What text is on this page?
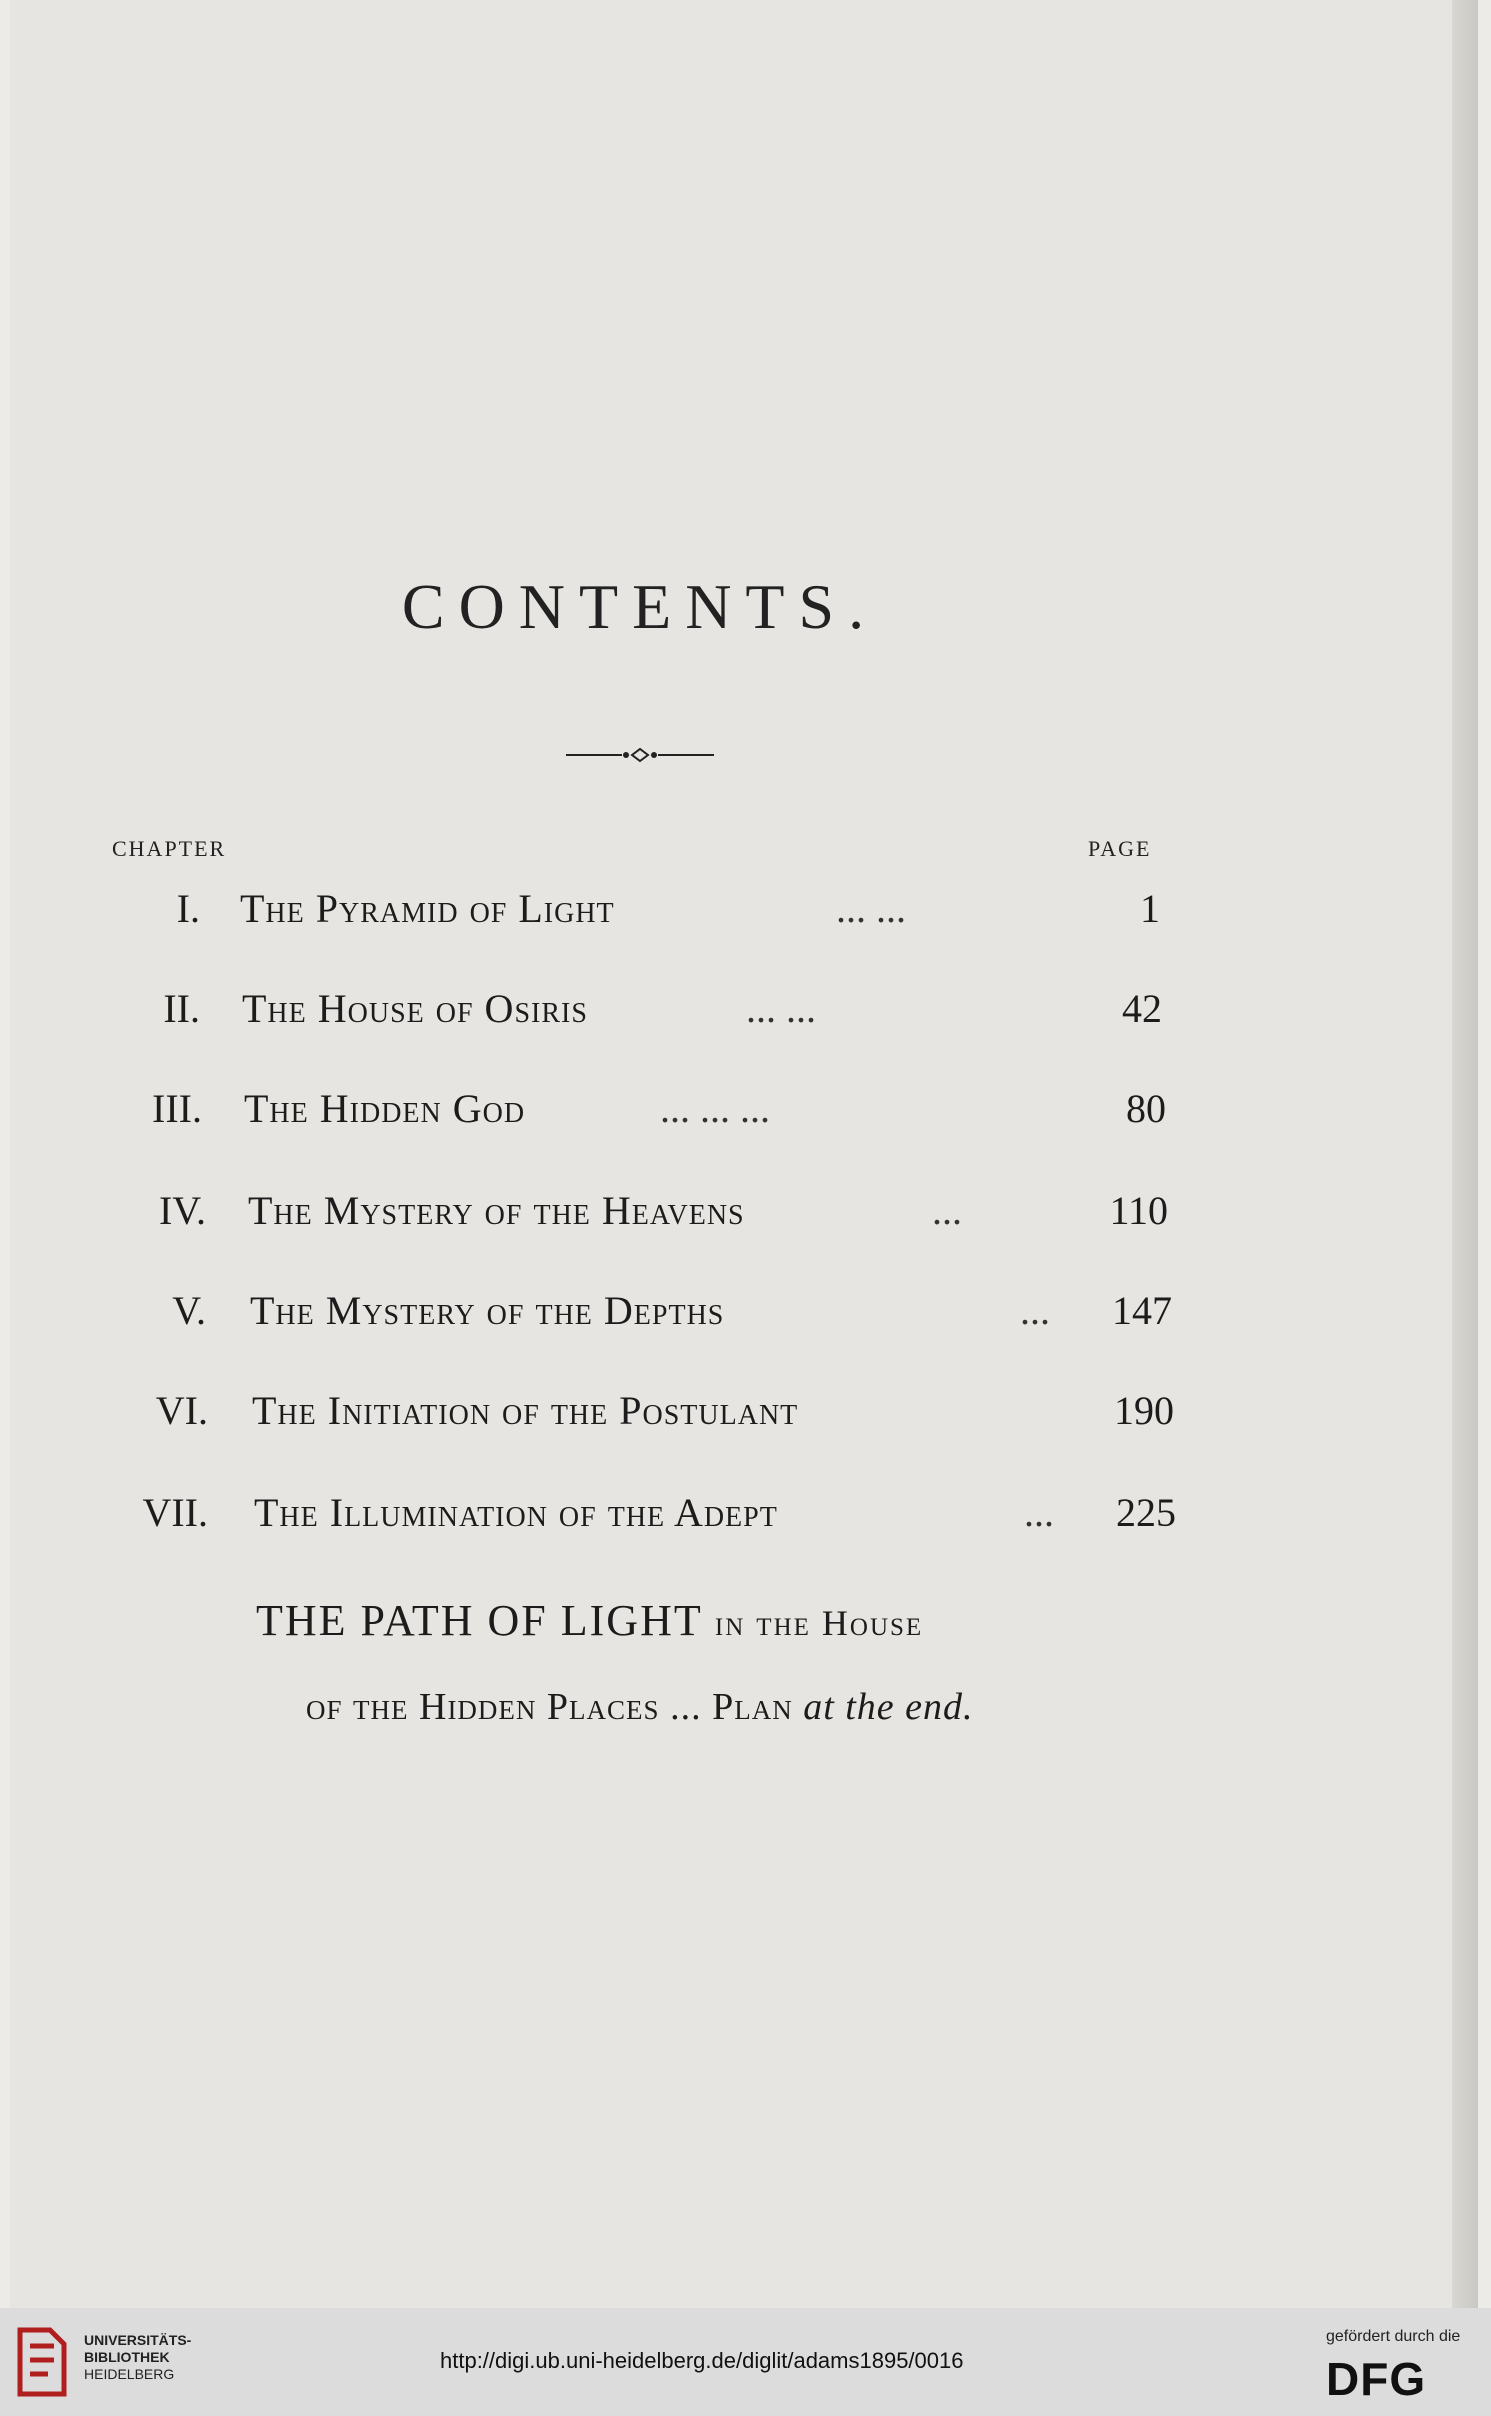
CONTENTS.
CHAPTER	PAGE
I. The Pyramid of Light	... ...	1
II. The House of Osiris	... ...	42
III. The Hidden God	... ... ...	80
IV. The Mystery of the Heavens	...	110
V. The Mystery of the Depths	...	147
VI. The Initiation of the Postulant	190
VII. The Illumination of the Adept	...	225
THE PATH OF LIGHT in the House
of the Hidden Places ... Plan at the end.
UNIVERSITÄTS-
BIBLIOTHEK
HEIDELBERG
http://digi.ub.uni-heidelberg.de/diglit/adams1895/0016
gefördert durch die
DFG
